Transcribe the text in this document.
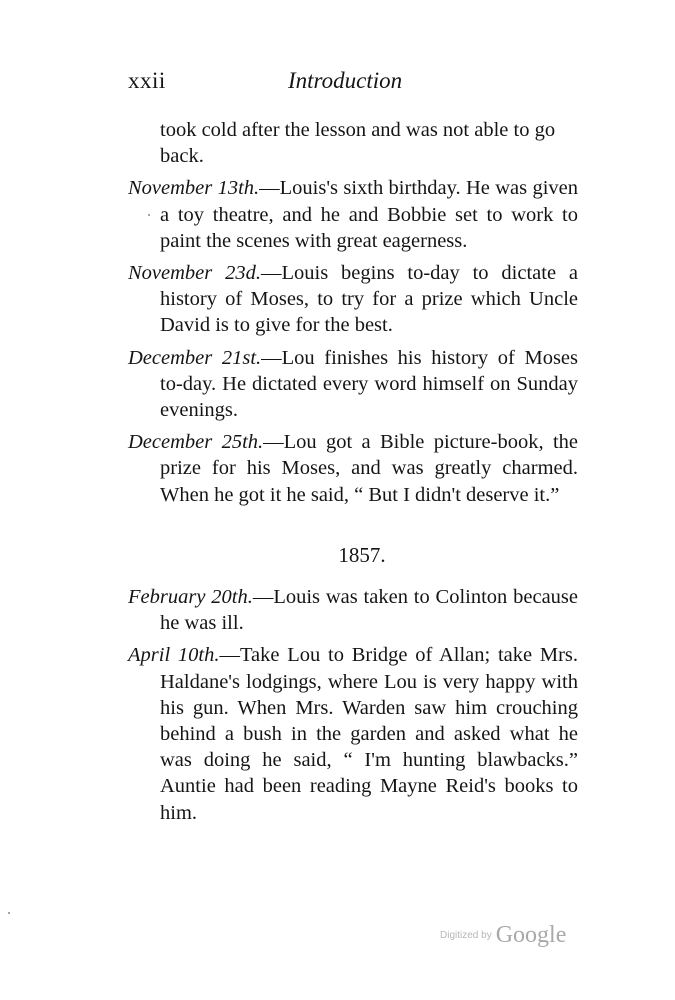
xxii	Introduction

took cold after the lesson and was not able to go back.

November 13th.—Louis's sixth birthday. He was given a toy theatre, and he and Bobbie set to work to paint the scenes with great eagerness.

November 23d.—Louis begins to-day to dictate a history of Moses, to try for a prize which Uncle David is to give for the best.

December 21st.—Lou finishes his history of Moses to-day. He dictated every word himself on Sunday evenings.

December 25th.—Lou got a Bible picture-book, the prize for his Moses, and was greatly charmed. When he got it he said, “ But I didn't deserve it.”

1857.

February 20th.—Louis was taken to Colinton because he was ill.

April 10th.—Take Lou to Bridge of Allan; take Mrs. Haldane's lodgings, where Lou is very happy with his gun. When Mrs. Warden saw him crouching behind a bush in the garden and asked what he was doing he said, “ I'm hunting blawbacks.” Auntie had been reading Mayne Reid's books to him.

Digitized by Google
